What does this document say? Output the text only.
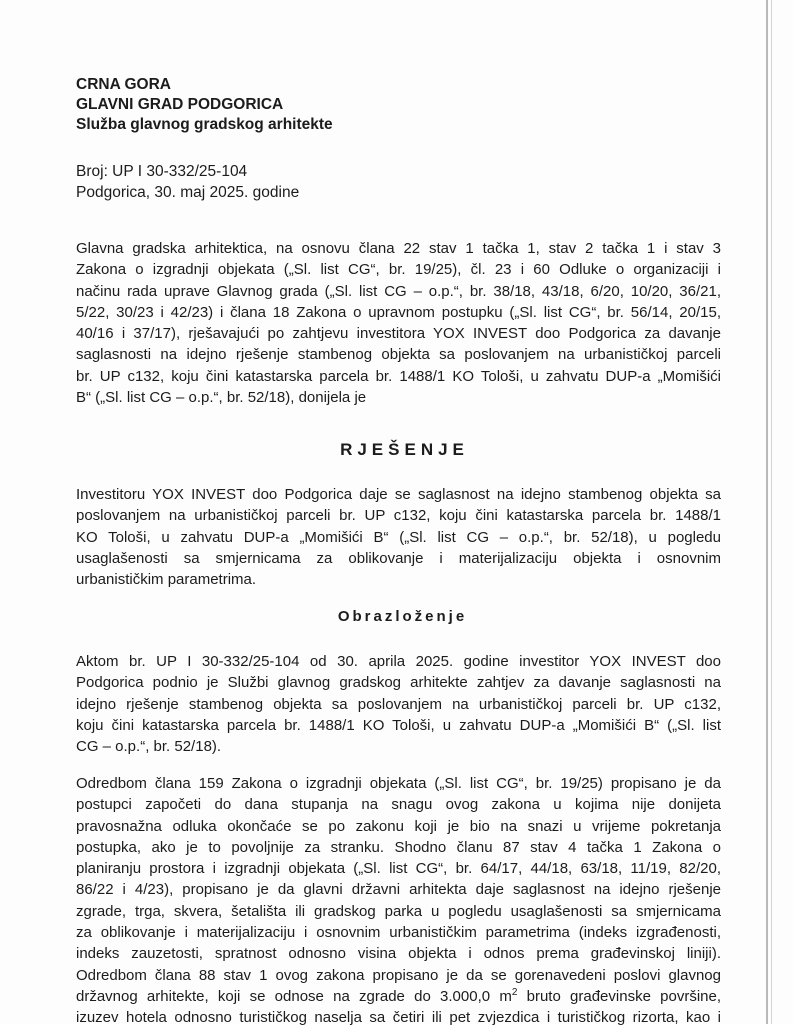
CRNA GORA
GLAVNI GRAD PODGORICA
Služba glavnog gradskog arhitekte
Broj: UP I 30-332/25-104
Podgorica, 30. maj 2025. godine
Glavna gradska arhitektica, na osnovu člana 22 stav 1 tačka 1, stav 2 tačka 1 i stav 3
Zakona o izgradnji objekata („Sl. list CG“, br. 19/25), čl. 23 i 60 Odluke o organizaciji i
načinu rada uprave Glavnog grada („Sl. list CG – o.p.“, br. 38/18, 43/18, 6/20, 10/20, 36/21,
5/22, 30/23 i 42/23) i člana 18 Zakona o upravnom postupku („Sl. list CG“, br. 56/14, 20/15,
40/16 i 37/17), rješavajući po zahtjevu investitora YOX INVEST doo Podgorica za davanje
saglasnosti na idejno rješenje stambenog objekta sa poslovanjem na urbanističkoj parceli
br. UP c132, koju čini katastarska parcela br. 1488/1 KO Tološi, u zahvatu DUP-a „Momišići
B“ („Sl. list CG – o.p.“, br. 52/18), donijela je
RJEŠENJE
Investitoru YOX INVEST doo Podgorica daje se saglasnost na idejno stambenog objekta sa
poslovanjem na urbanističkoj parceli br. UP c132, koju čini katastarska parcela br. 1488/1
KO Tološi, u zahvatu DUP-a „Momišići B“ („Sl. list CG – o.p.“, br. 52/18), u pogledu
usaglašenosti sa smjernicama za oblikovanje i materijalizaciju objekta i osnovnim
urbanističkim parametrima.
Obrazloženje
Aktom br. UP I 30-332/25-104 od 30. aprila 2025. godine investitor YOX INVEST doo
Podgorica podnio je Službi glavnog gradskog arhitekte zahtjev za davanje saglasnosti na
idejno rješenje stambenog objekta sa poslovanjem na urbanističkoj parceli br. UP c132,
koju čini katastarska parcela br. 1488/1 KO Tološi, u zahvatu DUP-a „Momišići B“ („Sl. list
CG – o.p.“, br. 52/18).
Odredbom člana 159 Zakona o izgradnji objekata („Sl. list CG“, br. 19/25) propisano je da
postupci započeti do dana stupanja na snagu ovog zakona u kojima nije donijeta
pravosnažna odluka okončaće se po zakonu koji je bio na snazi u vrijeme pokretanja
postupka, ako je to povoljnije za stranku. Shodno članu 87 stav 4 tačka 1 Zakona o
planiranju prostora i izgradnji objekata („Sl. list CG“, br. 64/17, 44/18, 63/18, 11/19, 82/20,
86/22 i 4/23), propisano je da glavni državni arhitekta daje saglasnost na idejno rješenje
zgrade, trga, skvera, šetališta ili gradskog parka u pogledu usaglašenosti sa smjernicama
za oblikovanje i materijalizaciju i osnovnim urbanističkim parametrima (indeks izgrađenosti,
indeks zauzetosti, spratnost odnosno visina objekta i odnos prema građevinskoj liniji).
Odredbom člana 88 stav 1 ovog zakona propisano je da se gorenavedeni poslovi glavnog
državnog arhitekte, koji se odnose na zgrade do 3.000,0 $m^2$ bruto građevinske površine,
izuzev hotela odnosno turističkog naselja sa četiri ili pet zvjezdica i turističkog rizorta, kao i
